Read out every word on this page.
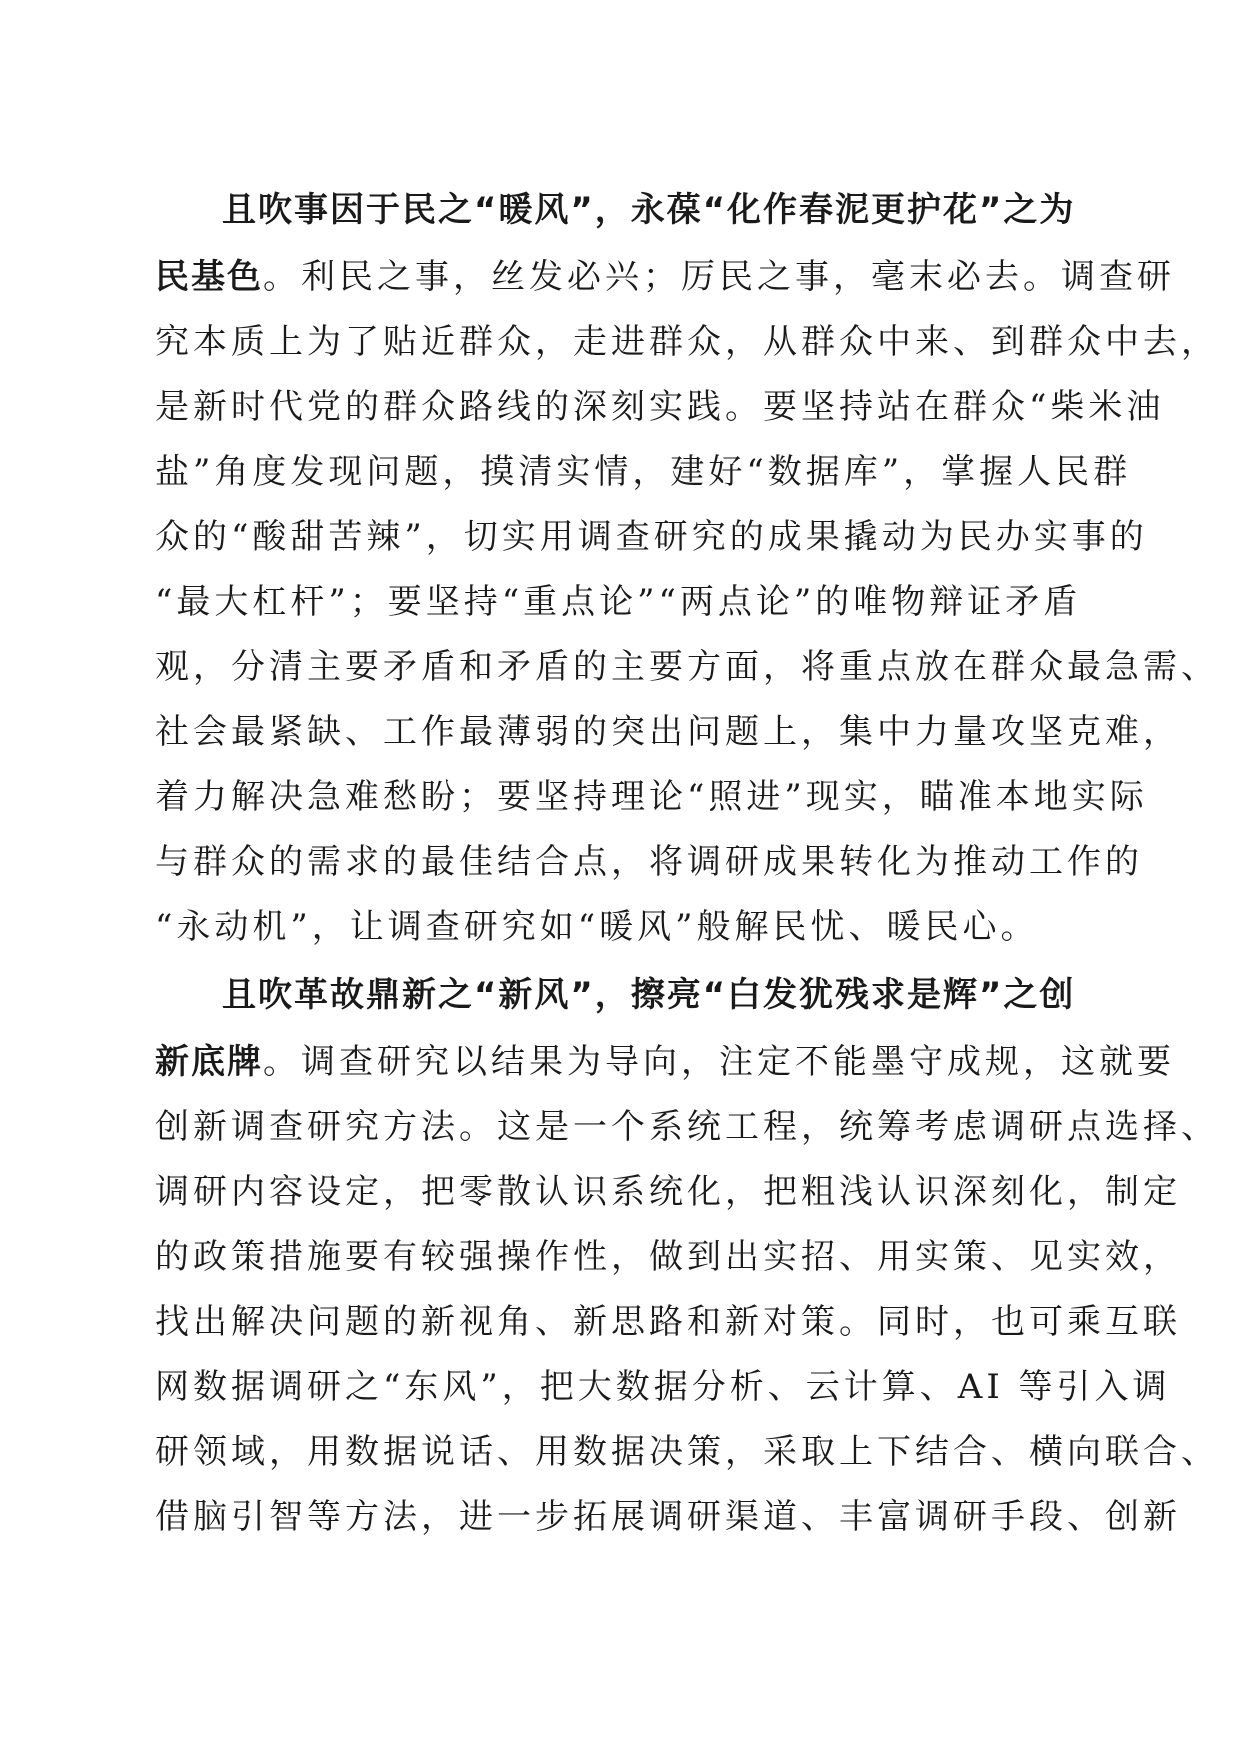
且吹事因于民之“暖风”，永葆“化作春泥更护花”之为
民基色。利民之事，丝发必兴；厉民之事，毫末必去。调查研
究本质上为了贴近群众，走进群众，从群众中来、到群众中去，
是新时代党的群众路线的深刻实践。要坚持站在群众“柴米油
盐”角度发现问题，摸清实情，建好“数据库”，掌握人民群
众的“酸甜苦辣”，切实用调查研究的成果撬动为民办实事的
“最大杠杆”；要坚持“重点论”“两点论”的唯物辩证矛盾
观，分清主要矛盾和矛盾的主要方面，将重点放在群众最急需、
社会最紧缺、工作最薄弱的突出问题上，集中力量攻坚克难，
着力解决急难愁盼；要坚持理论“照进”现实，瞄准本地实际
与群众的需求的最佳结合点，将调研成果转化为推动工作的
“永动机”，让调查研究如“暖风”般解民忧、暖民心。
且吹革故鼎新之“新风”，擦亮“白发犹残求是辉”之创
新底牌。调查研究以结果为导向，注定不能墨守成规，这就要
创新调查研究方法。这是一个系统工程，统筹考虑调研点选择、
调研内容设定，把零散认识系统化，把粗浅认识深刻化，制定
的政策措施要有较强操作性，做到出实招、用实策、见实效，
找出解决问题的新视角、新思路和新对策。同时，也可乘互联
网数据调研之“东风”，把大数据分析、云计算、AI 等引入调
研领域，用数据说话、用数据决策，采取上下结合、横向联合、
借脑引智等方法，进一步拓展调研渠道、丰富调研手段、创新
